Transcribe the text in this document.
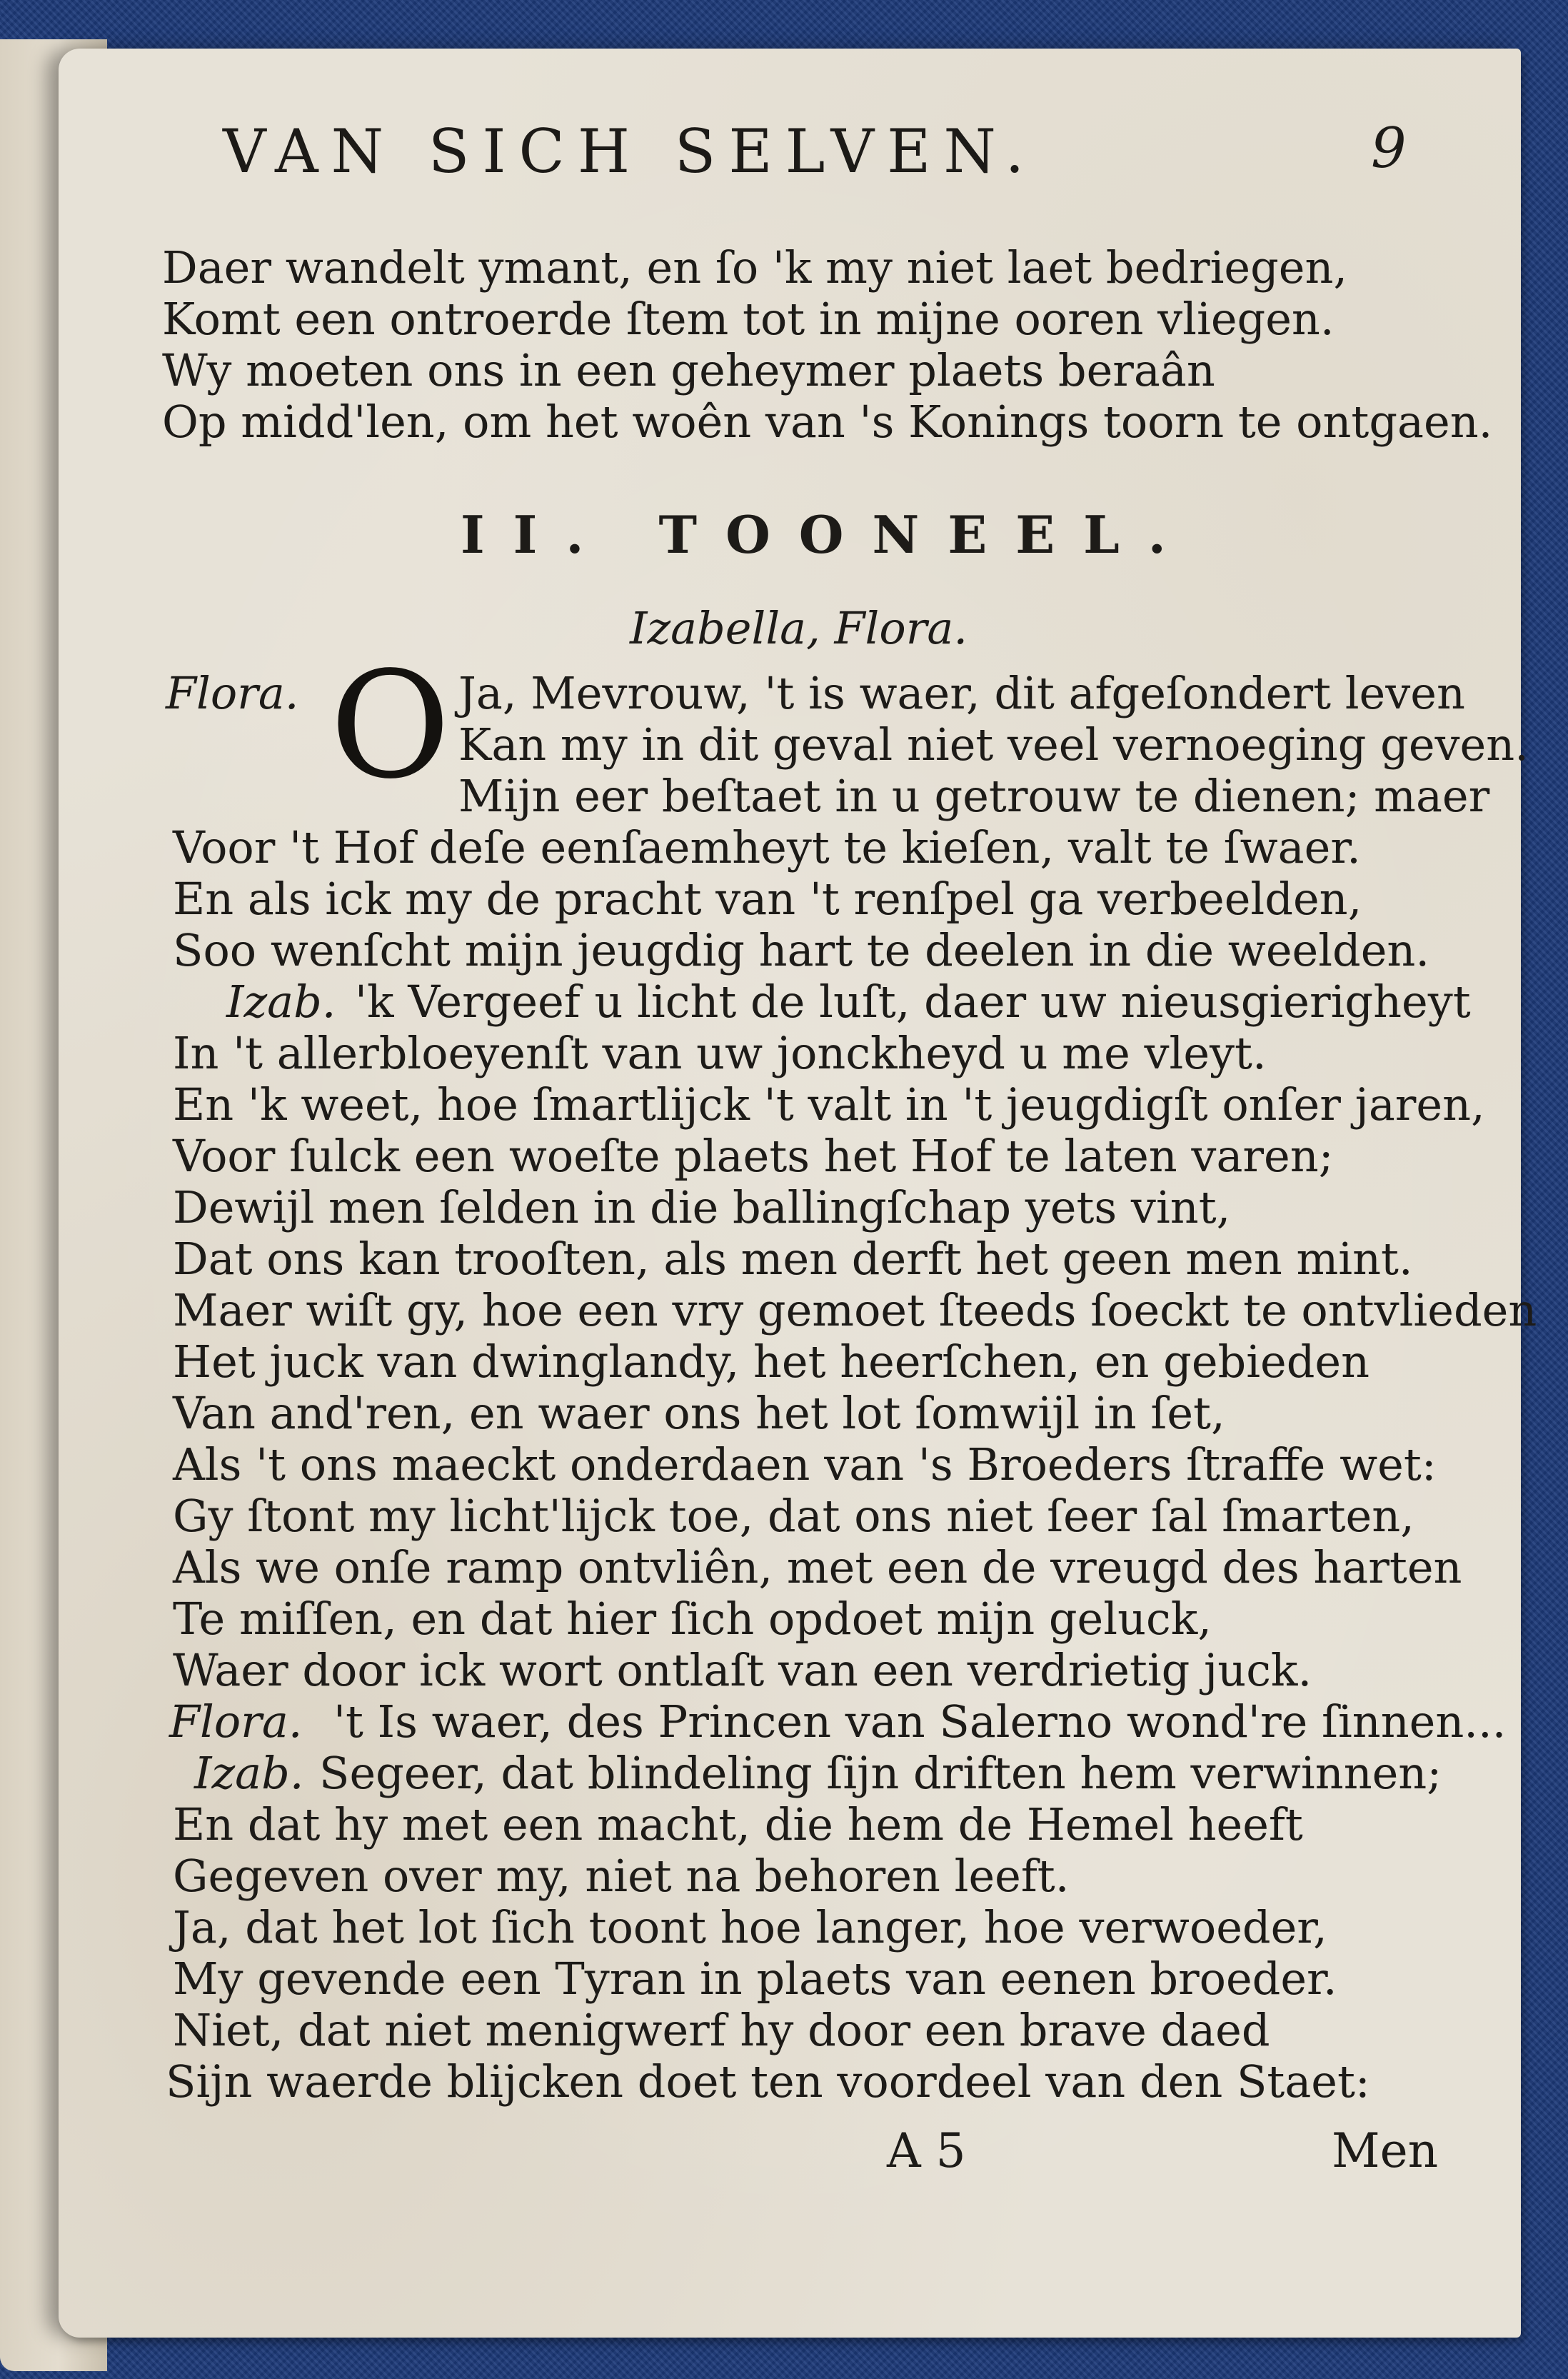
VAN SICH SELVEN.	9
Daer wandelt ymant, en ſo 'k my niet laet bedriegen,
Komt een ontroerde ſtem tot in mijne ooren vliegen.
Wy moeten ons in een geheymer plaets beraân
Op midd'len, om het woên van 's Konings toorn te ontgaen.
II. TOONEEL.
Izabella, Flora.
O
Flora.	Ja, Mevrouw, 't is waer, dit afgeſondert leven
Kan my in dit geval niet veel vernoeging geven.
Mijn eer beſtaet in u getrouw te dienen; maer
Voor 't Hof deſe eenſaemheyt te kieſen, valt te ſwaer.
En als ick my de pracht van 't renſpel ga verbeelden,
Soo wenſcht mijn jeugdig hart te deelen in die weelden.
Izab. 'k Vergeef u licht de luſt, daer uw nieusgierigheyt
In 't allerbloeyenſt van uw jonckheyd u me vleyt.
En 'k weet, hoe ſmartlijck 't valt in 't jeugdigſt onſer jaren,
Voor ſulck een woeſte plaets het Hof te laten varen;
Dewijl men ſelden in die ballingſchap yets vint,
Dat ons kan trooſten, als men derft het geen men mint.
Maer wiſt gy, hoe een vry gemoet ſteeds ſoeckt te ontvlieden
Het juck van dwinglandy, het heerſchen, en gebieden
Van and'ren, en waer ons het lot ſomwijl in ſet,
Als 't ons maeckt onderdaen van 's Broeders ſtraffe wet:
Gy ſtont my licht'lijck toe, dat ons niet ſeer ſal ſmarten,
Als we onſe ramp ontvliên, met een de vreugd des harten
Te miſſen, en dat hier ſich opdoet mijn geluck,
Waer door ick wort ontlaſt van een verdrietig juck.
Flora. 't Is waer, des Princen van Salerno wond're ſinnen...
Izab. Segeer, dat blindeling ſijn driften hem verwinnen;
En dat hy met een macht, die hem de Hemel heeft
Gegeven over my, niet na behoren leeft.
Ja, dat het lot ſich toont hoe langer, hoe verwoeder,
My gevende een Tyran in plaets van eenen broeder.
Niet, dat niet menigwerf hy door een brave daed
Sijn waerde blijcken doet ten voordeel van den Staet:
A 5	Men
